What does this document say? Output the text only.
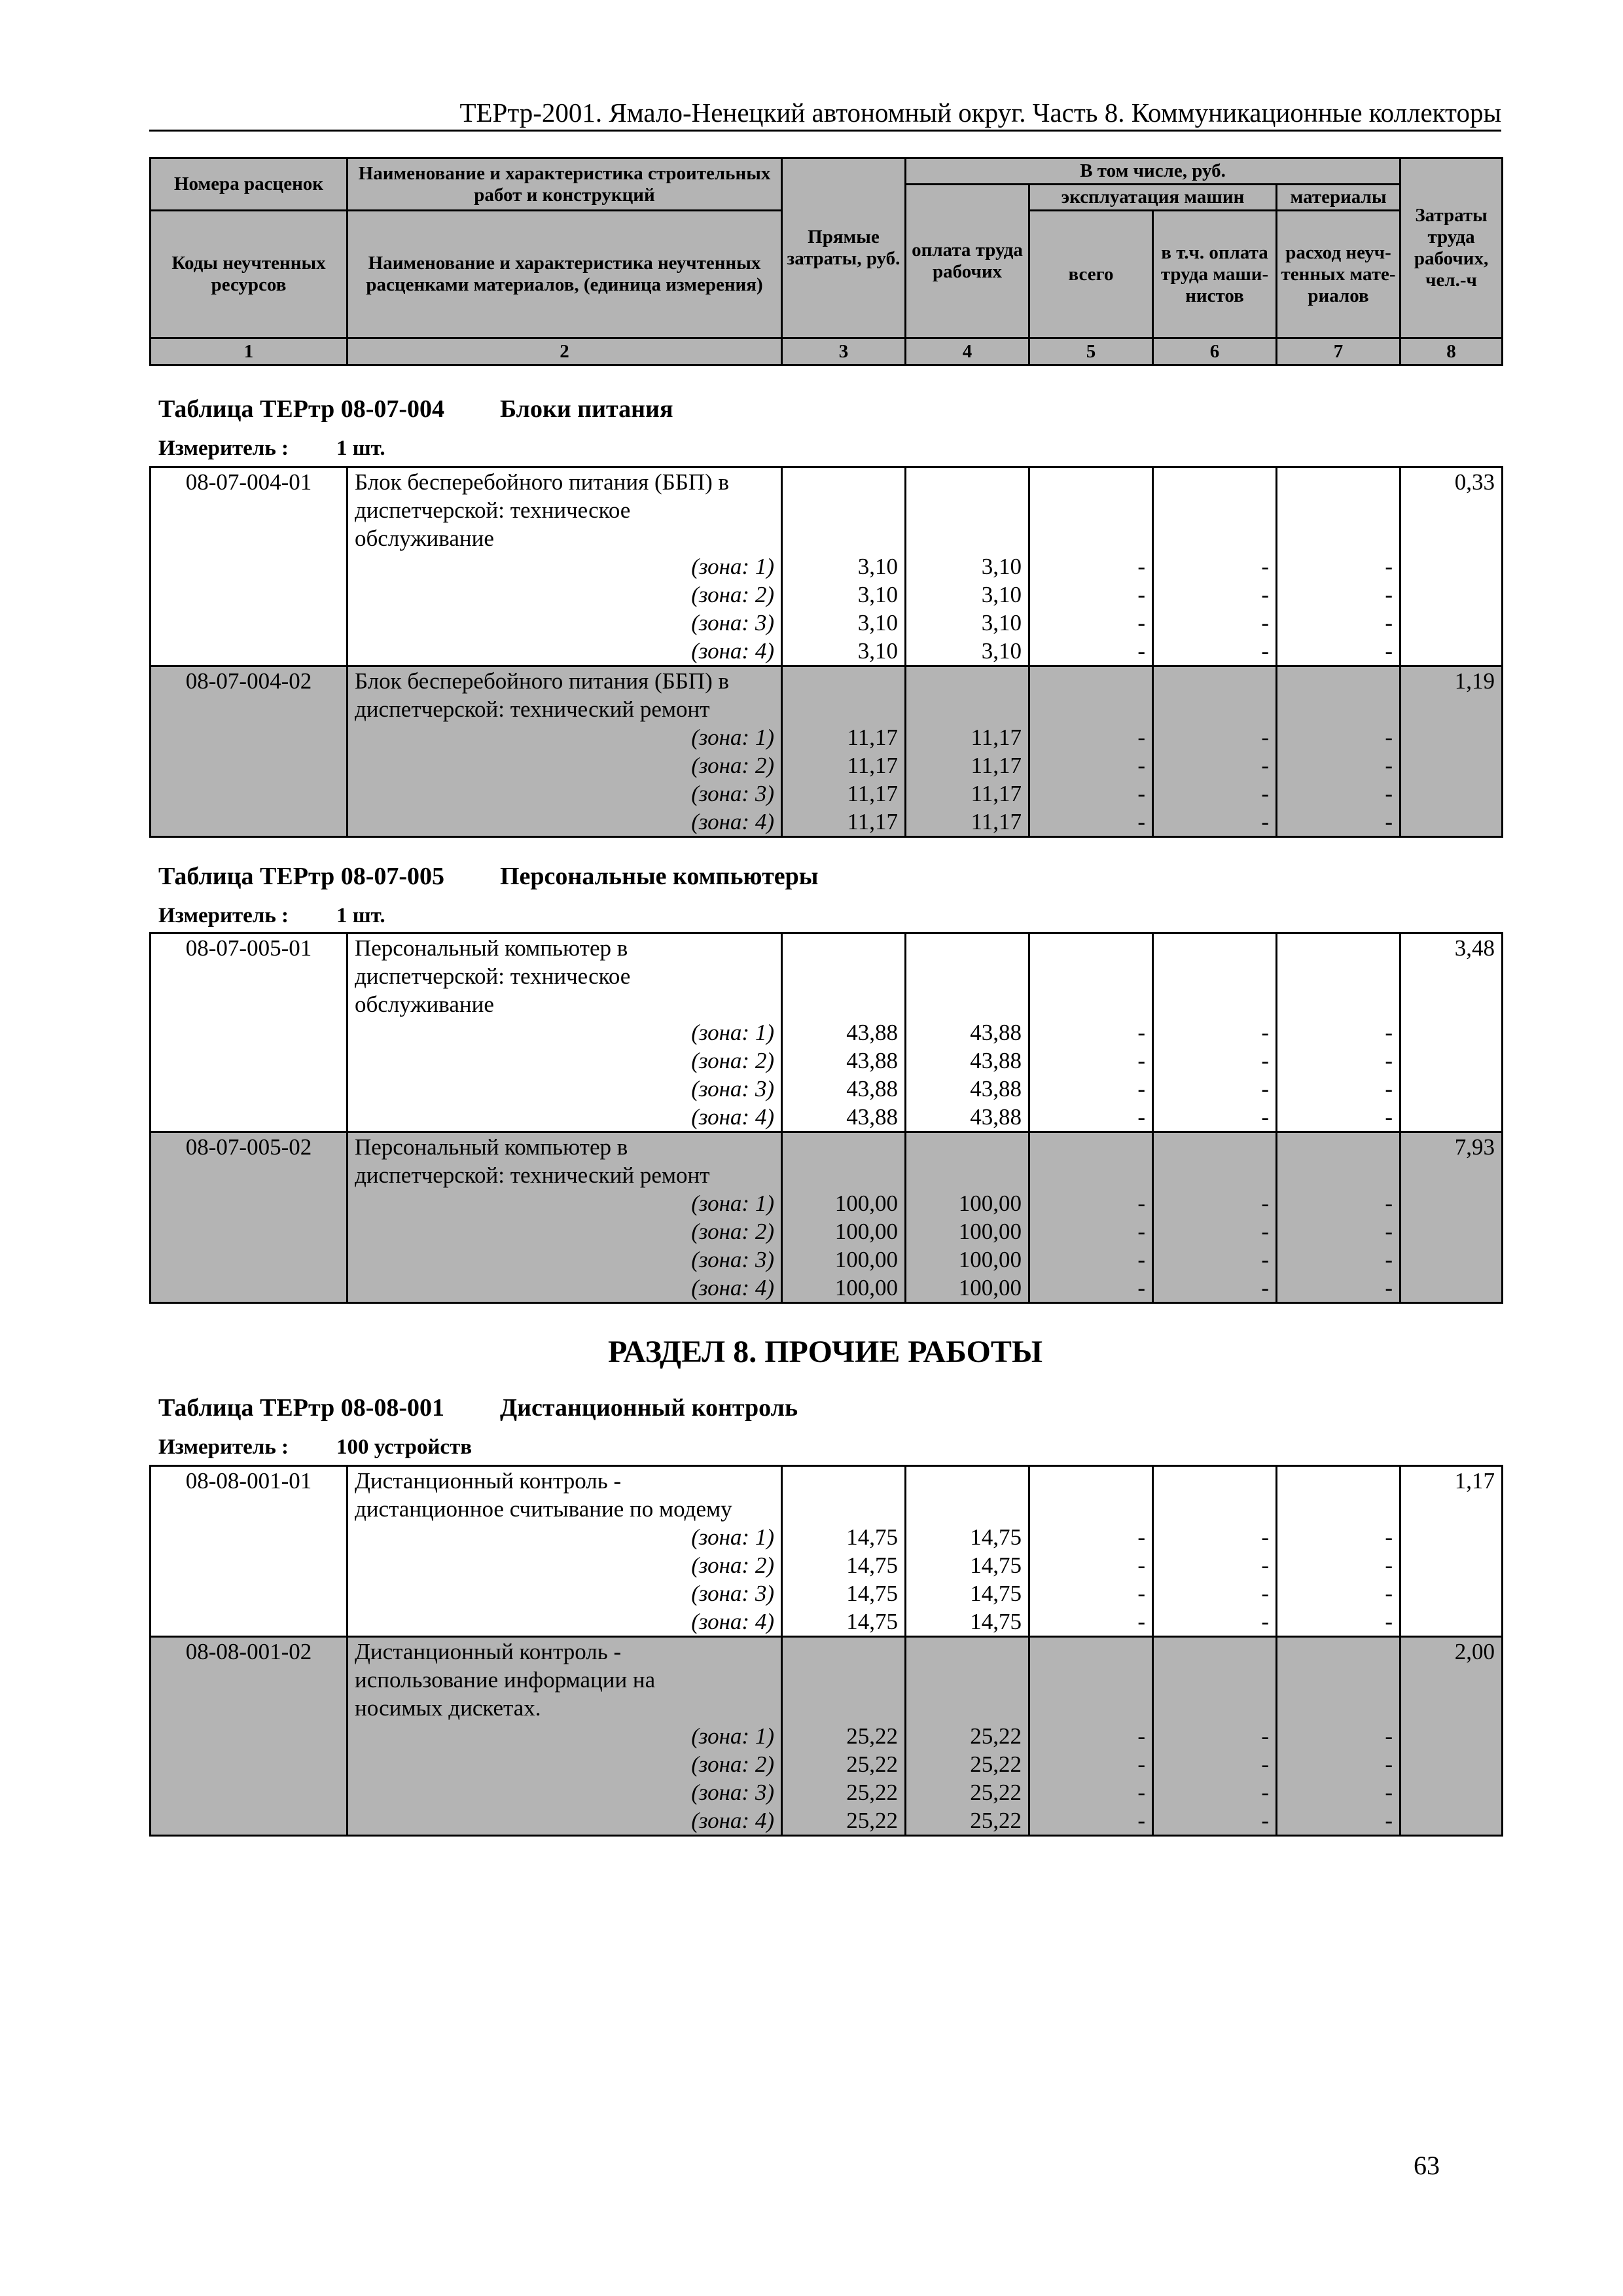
ТЕРтр-2001. Ямало-Ненецкий автономный округ. Часть 8. Коммуникационные коллекторы
Номера расценок	Наименование и характеристика строительных работ и конструкций	Прямые затраты, руб.	В том числе, руб.				Затраты труда рабочих, чел.-ч
			оплата труда рабочих	эксплуатация машин		материалы	
Коды неучтенных ресурсов	Наименование и характеристика неучтенных расценками материалов, (единица измерения)			всего	в т.ч. оплата труда маши-нистов	расход неуч-тенных мате-риалов	

1	2	3	4	5	6	7	8
Таблица ТЕРтр 08-07-004 Блоки питания
Измеритель : 1 шт.
08-07-004-01	Блок бесперебойного питания (ББП) в						0,33
	диспетчерской: техническое						
	обслуживание						
	(зона: 1)	3,10	3,10	-	-	-	
	(зона: 2)	3,10	3,10	-	-	-	
	(зона: 3)	3,10	3,10	-	-	-	
	(зона: 4)	3,10	3,10	-	-	-	
08-07-004-02	Блок бесперебойного питания (ББП) в						1,19
	диспетчерской: технический ремонт						
	(зона: 1)	11,17	11,17	-	-	-	
	(зона: 2)	11,17	11,17	-	-	-	
	(зона: 3)	11,17	11,17	-	-	-	
	(зона: 4)	11,17	11,17	-	-	-	
Таблица ТЕРтр 08-07-005 Персональные компьютеры
Измеритель : 1 шт.
08-07-005-01	Персональный компьютер в						3,48
	диспетчерской: техническое						
	обслуживание						
	(зона: 1)	43,88	43,88	-	-	-	
	(зона: 2)	43,88	43,88	-	-	-	
	(зона: 3)	43,88	43,88	-	-	-	
	(зона: 4)	43,88	43,88	-	-	-	
08-07-005-02	Персональный компьютер в						7,93
	диспетчерской: технический ремонт						
	(зона: 1)	100,00	100,00	-	-	-	
	(зона: 2)	100,00	100,00	-	-	-	
	(зона: 3)	100,00	100,00	-	-	-	
	(зона: 4)	100,00	100,00	-	-	-	
РАЗДЕЛ 8. ПРОЧИЕ РАБОТЫ
Таблица ТЕРтр 08-08-001 Дистанционный контроль
Измеритель : 100 устройств
08-08-001-01	Дистанционный контроль -						1,17
	дистанционное считывание по модему						
	(зона: 1)	14,75	14,75	-	-	-	
	(зона: 2)	14,75	14,75	-	-	-	
	(зона: 3)	14,75	14,75	-	-	-	
	(зона: 4)	14,75	14,75	-	-	-	
08-08-001-02	Дистанционный контроль -						2,00
	использование информации на						
	носимых дискетах.						
	(зона: 1)	25,22	25,22	-	-	-	
	(зона: 2)	25,22	25,22	-	-	-	
	(зона: 3)	25,22	25,22	-	-	-	
	(зона: 4)	25,22	25,22	-	-	-	
63
